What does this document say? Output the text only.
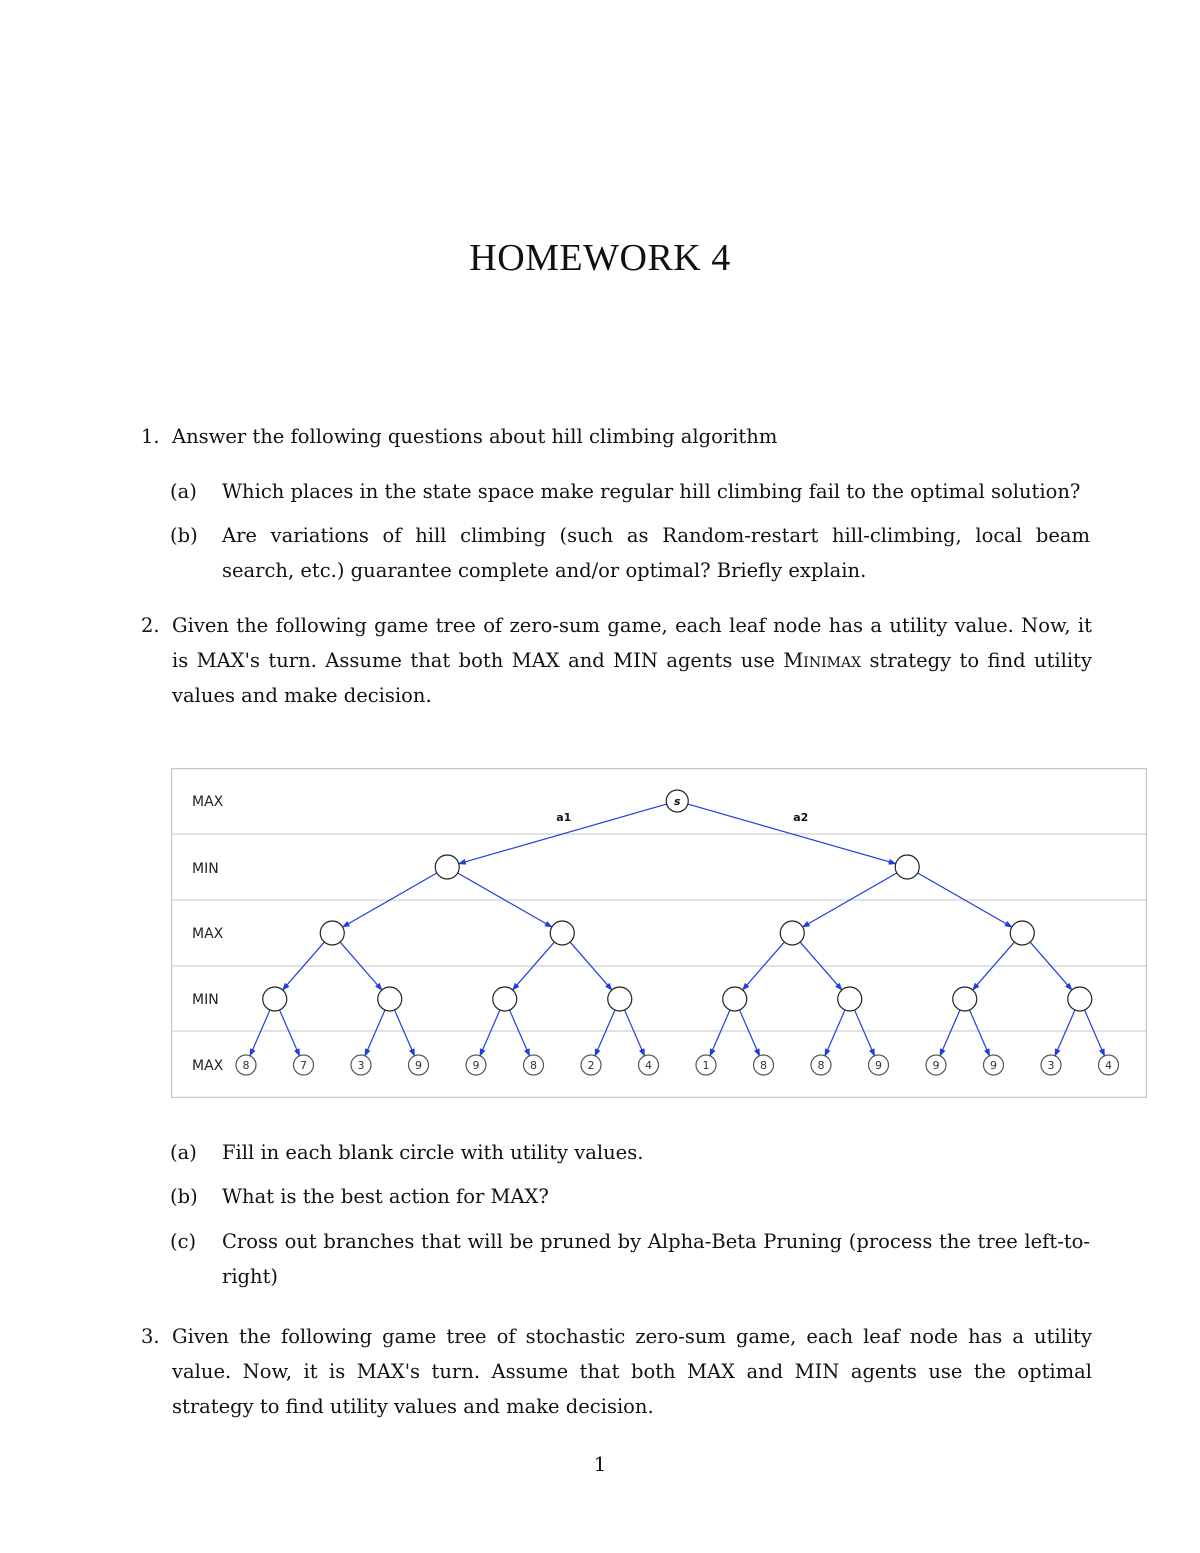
HOMEWORK 4
1. Answer the following questions about hill climbing algorithm
(a) Which places in the state space make regular hill climbing fail to the optimal solution?
(b) Are variations of hill climbing (such as Random-restart hill-climbing, local beam search, etc.) guarantee complete and/or optimal? Briefly explain.
2. Given the following game tree of zero-sum game, each leaf node has a utility value. Now, it is MAX's turn. Assume that both MAX and MIN agents use Minimax strategy to find utility values and make decision.
s
8	7	3	9	9	8	2	4	1	8	8	9	9	9	3	4
MAX
MIN
MAX
MIN
MAX
a1	a2
(a) Fill in each blank circle with utility values.
(b) What is the best action for MAX?
(c) Cross out branches that will be pruned by Alpha-Beta Pruning (process the tree left-to-right)
3. Given the following game tree of stochastic zero-sum game, each leaf node has a utility value. Now, it is MAX's turn. Assume that both MAX and MIN agents use the optimal strategy to find utility values and make decision.
1
